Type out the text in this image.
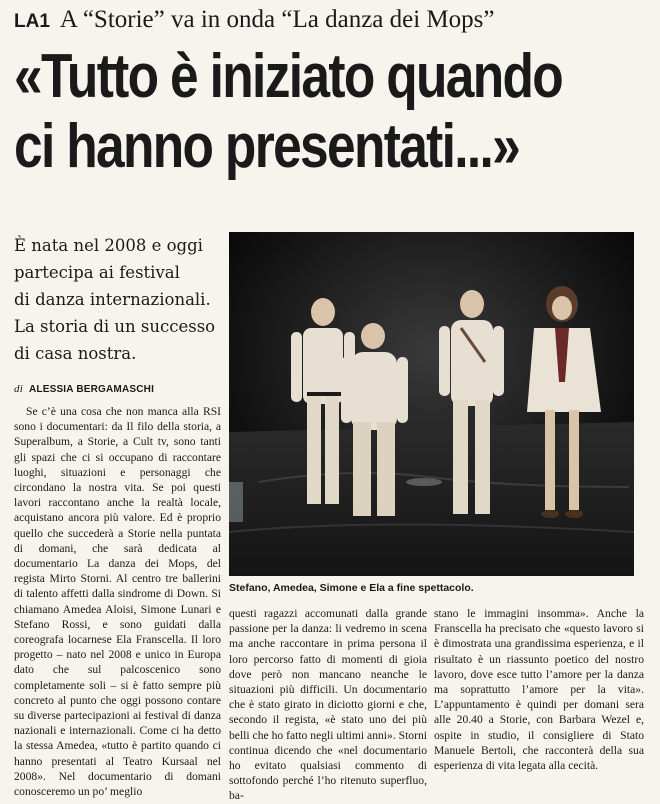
LA1 A “Storie” va in onda “La danza dei Mops”
«Tutto è iniziato quando
ci hanno presentati...»
È nata nel 2008 e oggi
partecipa ai festival
di danza internazionali.
La storia di un successo
di casa nostra.
di ALESSIA BERGAMASCHI
Se c’è una cosa che non manca alla RSI sono i documentari: da Il filo della storia, a Superalbum, a Storie, a Cult tv, sono tanti gli spazi che ci si occupano di raccontare luoghi, situazioni e personaggi che circondano la nostra vita. Se poi questi lavori raccontano anche la realtà locale, acquistano ancora più valore. Ed è proprio quello che succederà a Storie nella puntata di domani, che sarà dedicata al documentario La danza dei Mops, del regista Mirto Storni. Al centro tre ballerini di talento affetti dalla sindrome di Down. Si chiamano Amedea Aloisi, Simone Lunari e Stefano Rossi, e sono guidati dalla coreografa locarnese Ela Franscella. Il loro progetto – nato nel 2008 e unico in Europa dato che sul palcoscenico sono completamente soli – si è fatto sempre più concreto al punto che oggi possono contare su diverse partecipazioni ai festival di danza nazionali e internazionali. Come ci ha detto la stessa Amedea, «tutto è partito quando ci hanno presentati al Teatro Kursaal nel 2008». Nel documentario di domani conosceremo un po’ meglio
Stefano, Amedea, Simone e Ela a fine spettacolo.
questi ragazzi accomunati dalla grande passione per la danza: li vedremo in scena ma anche raccontare in prima persona il loro percorso fatto di momenti di gioia dove però non mancano neanche le situazioni più difficili. Un documentario che è stato girato in diciotto giorni e che, secondo il regista, «è stato uno dei più belli che ho fatto negli ultimi anni». Storni continua dicendo che «nel documentario ho evitato qualsiasi commento di sottofondo perché l’ho ritenuto superfluo, ba-
stano le immagini insomma». Anche la Franscella ha precisato che «questo lavoro si è dimostrata una grandissima esperienza, e il risultato è un riassunto poetico del nostro lavoro, dove esce tutto l’amore per la danza ma soprattutto l’amore per la vita». L’appuntamento è quindi per domani sera alle 20.40 a Storie, con Barbara Wezel e, ospite in studio, il consigliere di Stato Manuele Bertoli, che racconterà della sua esperienza di vita legata alla cecità.
